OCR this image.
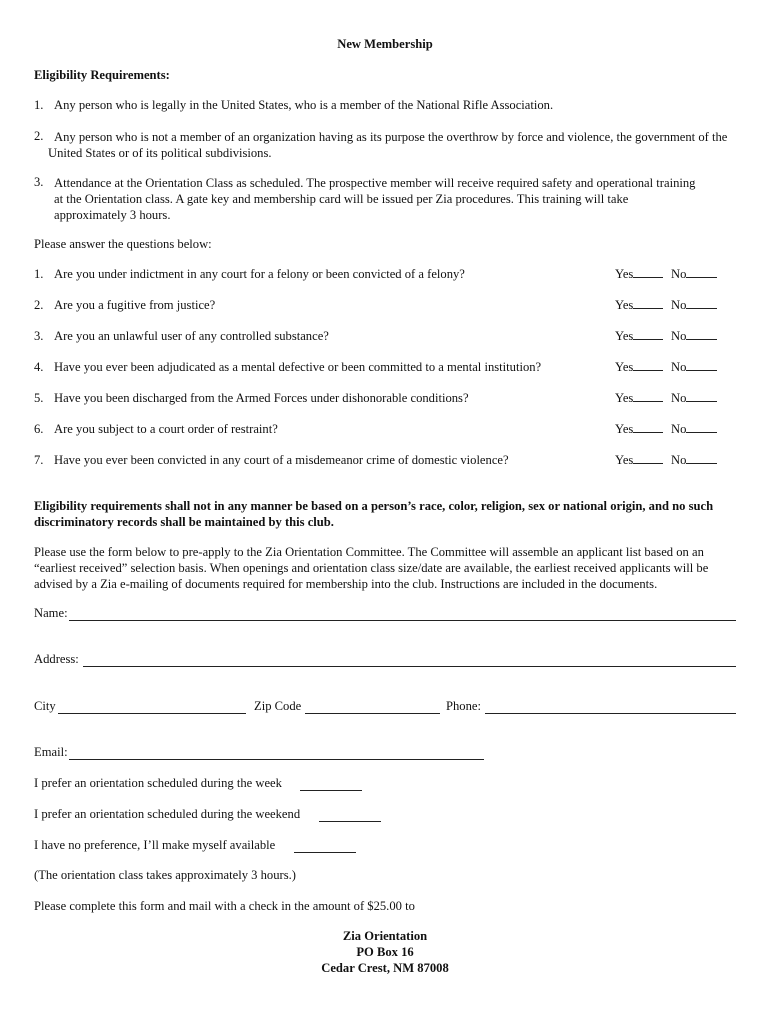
New Membership
Eligibility Requirements:
1. Any person who is legally in the United States, who is a member of the National Rifle Association.
2. Any person who is not a member of an organization having as its purpose the overthrow by force and violence, the government of the United States or of its political subdivisions.
3. Attendance at the Orientation Class as scheduled. The prospective member will receive required safety and operational training at the Orientation class. A gate key and membership card will be issued per Zia procedures. This training will take approximately 3 hours.
Please answer the questions below:
1. Are you under indictment in any court for a felony or been convicted of a felony?	Yes	No
2. Are you a fugitive from justice?	Yes	No
3. Are you an unlawful user of any controlled substance?	Yes	No
4. Have you ever been adjudicated as a mental defective or been committed to a mental institution?	Yes	No
5. Have you been discharged from the Armed Forces under dishonorable conditions?	Yes	No
6. Are you subject to a court order of restraint?	Yes	No
7. Have you ever been convicted in any court of a misdemeanor crime of domestic violence?	Yes	No
Eligibility requirements shall not in any manner be based on a person’s race, color, religion, sex or national origin, and no such discriminatory records shall be maintained by this club.
Please use the form below to pre-apply to the Zia Orientation Committee. The Committee will assemble an applicant list based on an “earliest received” selection basis. When openings and orientation class size/date are available, the earliest received applicants will be advised by a Zia e-mailing of documents required for membership into the club. Instructions are included in the documents.
Name:
Address:
City	Zip Code	Phone:
Email:
I prefer an orientation scheduled during the week
I prefer an orientation scheduled during the weekend
I have no preference, I’ll make myself available
(The orientation class takes approximately 3 hours.)
Please complete this form and mail with a check in the amount of $25.00 to
Zia Orientation
PO Box 16
Cedar Crest, NM 87008
